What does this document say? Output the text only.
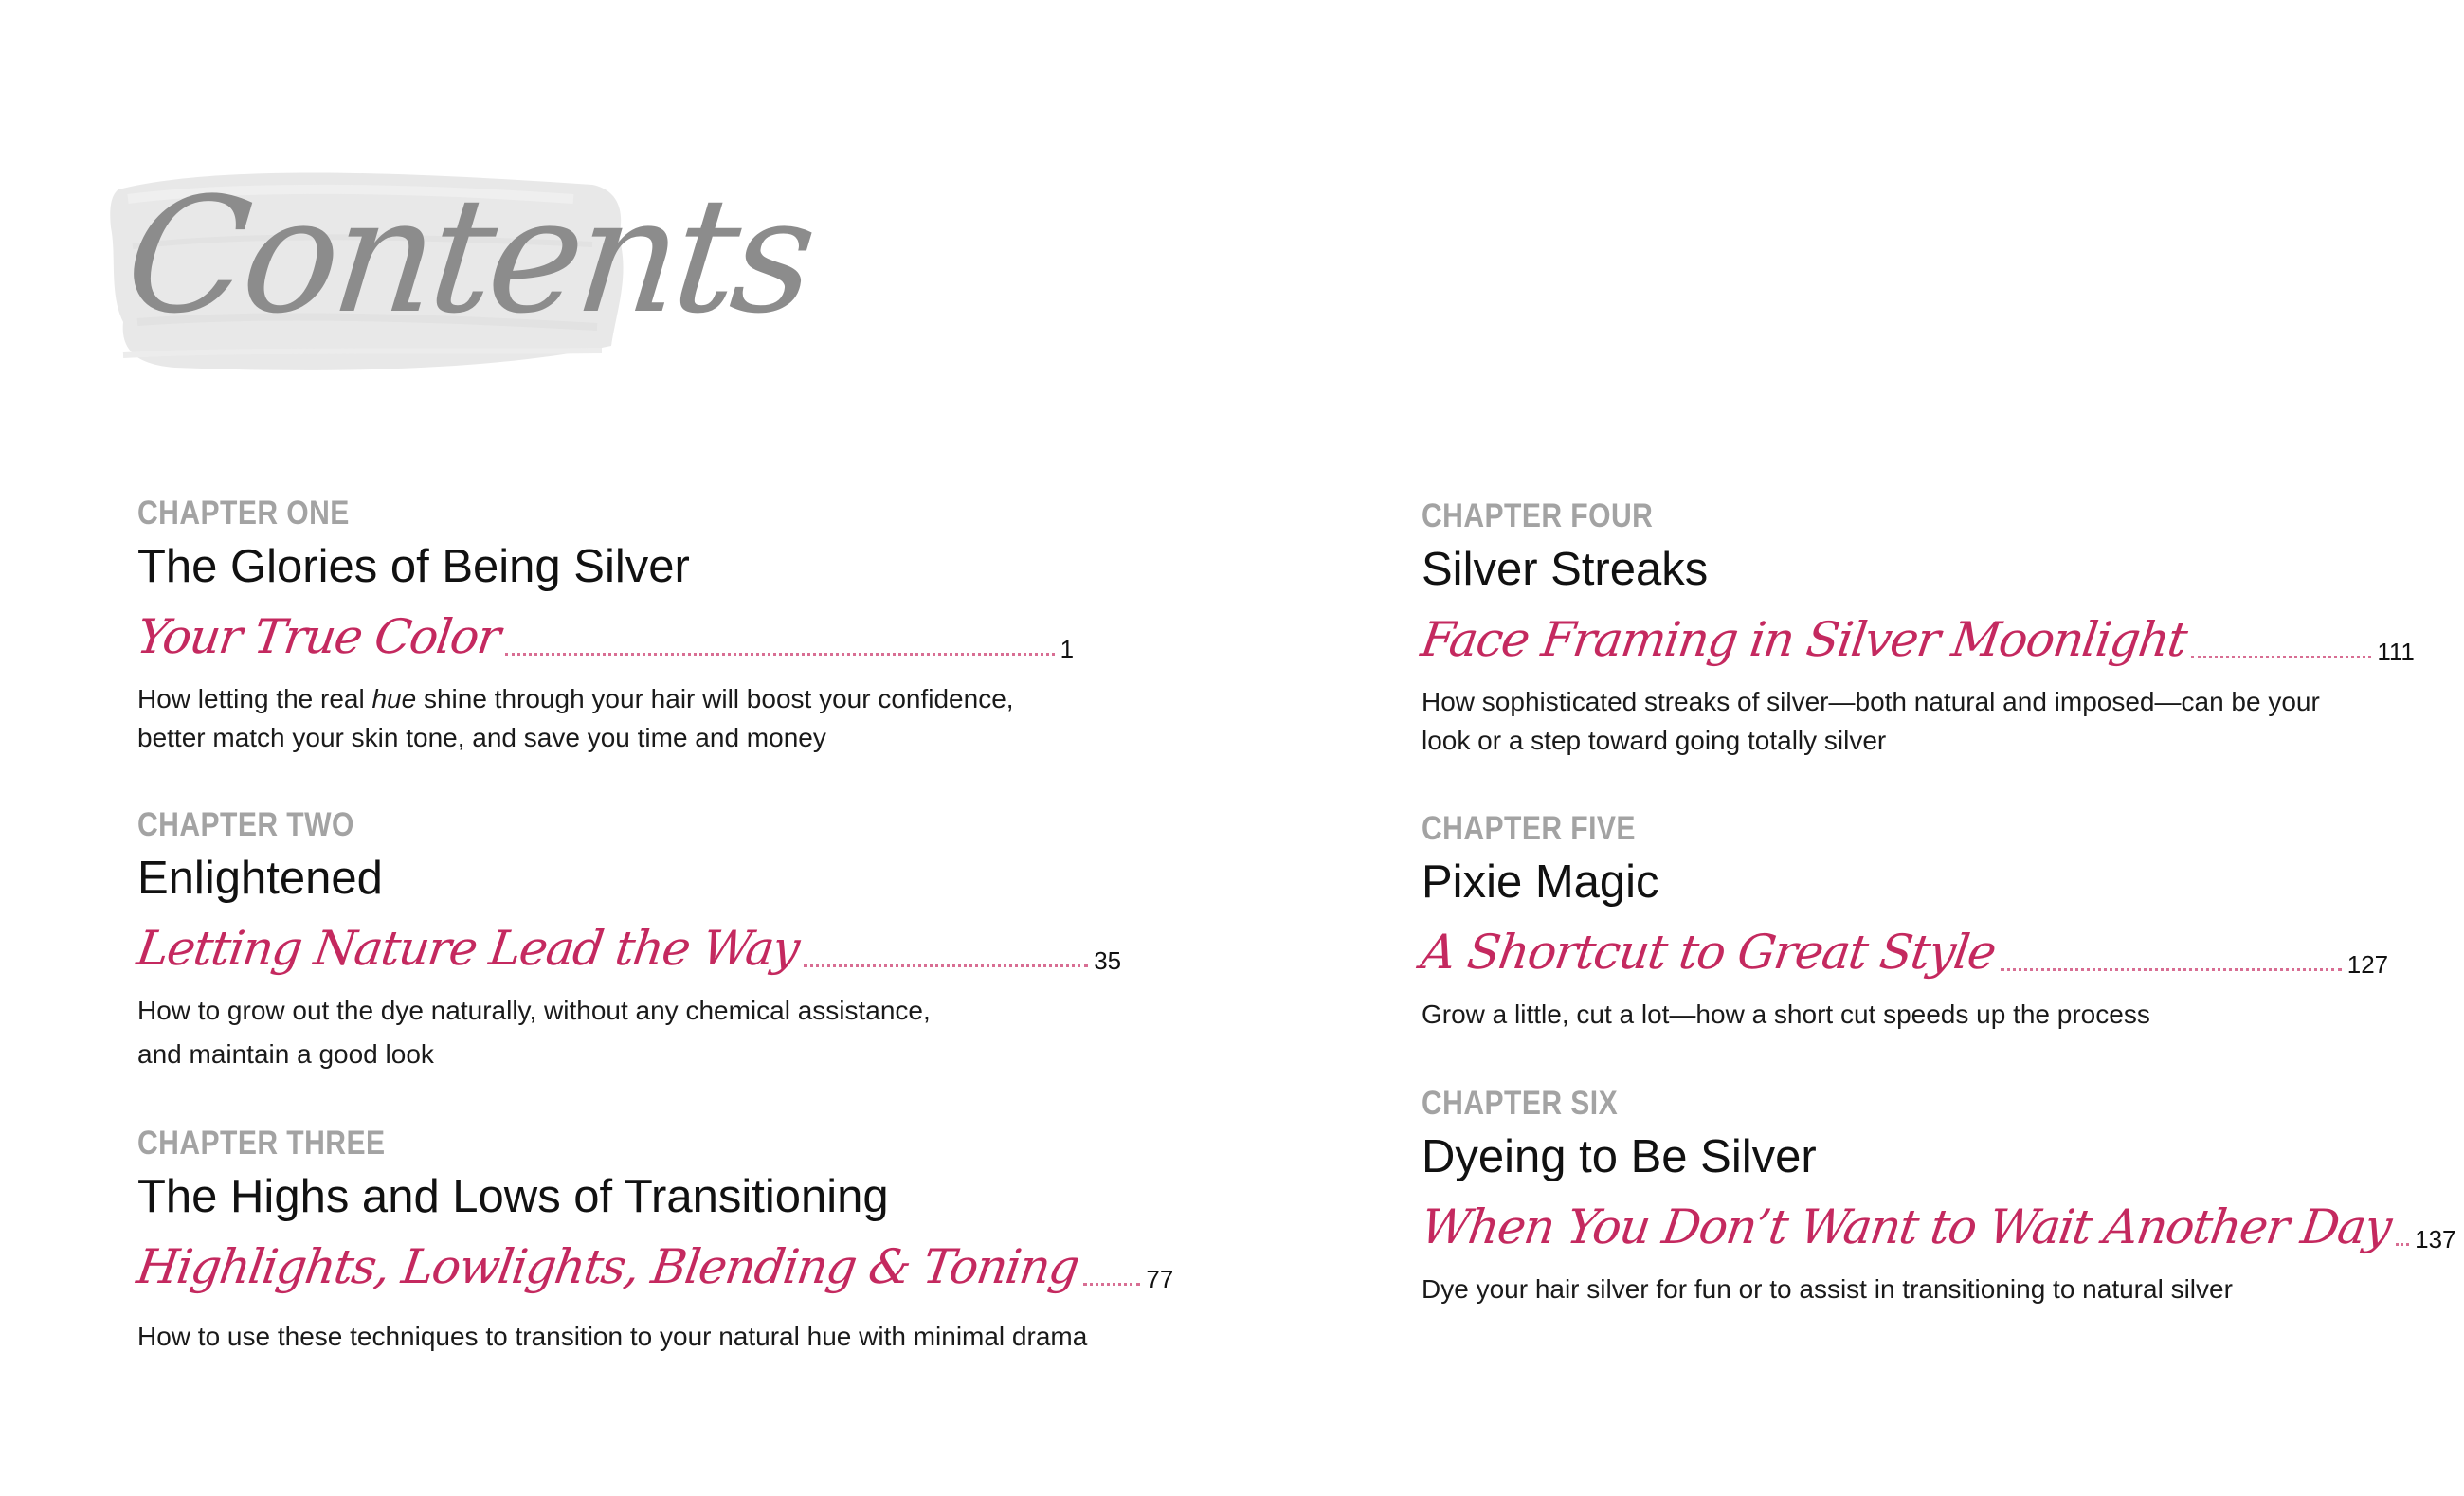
Contents
CHAPTER ONE
The Glories of Being Silver
Your True Color	1
How letting the real hue shine through your hair will boost your confidence,
better match your skin tone, and save you time and money
CHAPTER TWO
Enlightened
Letting Nature Lead the Way	35
How to grow out the dye naturally, without any chemical assistance,
and maintain a good look
CHAPTER THREE
The Highs and Lows of Transitioning
Highlights, Lowlights, Blending & Toning	77
How to use these techniques to transition to your natural hue with minimal drama
CHAPTER FOUR
Silver Streaks
Face Framing in Silver Moonlight	111
How sophisticated streaks of silver—both natural and imposed—can be your
look or a step toward going totally silver
CHAPTER FIVE
Pixie Magic
A Shortcut to Great Style	127
Grow a little, cut a lot—how a short cut speeds up the process
CHAPTER SIX
Dyeing to Be Silver
When You Don’t Want to Wait Another Day 137
Dye your hair silver for fun or to assist in transitioning to natural silver
